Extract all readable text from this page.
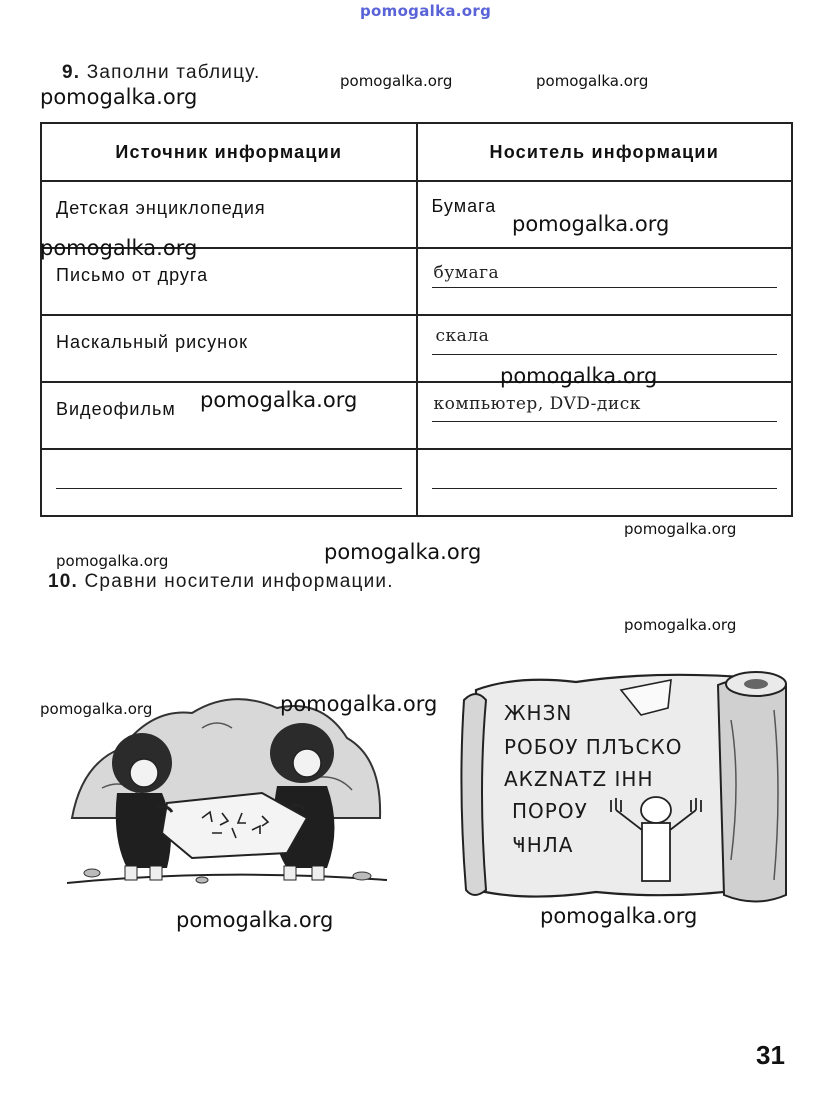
pomogalka.org
9. Заполни таблицу.	pomogalka.org	pomogalka.org
pomogalka.org
Источник информации	Носитель информации

Детская энциклопедия	Бумага

Письмо от друга	бумага

Наскальный рисунок	скала

Видеофильм	компьютер, DVD-диск

pomogalka.org
pomogalka.org
pomogalka.org
pomogalka.org
pomogalka.org
pomogalka.org
pomogalka.org
10. Сравни носители информации.
pomogalka.org
ЖНЗN
РОБОУ ПЛЪСКО
АКZNАТZ ІНН
ПОРОУ
ҸНЛА
pomogalka.org	pomogalka.org
pomogalka.org	pomogalka.org
31
